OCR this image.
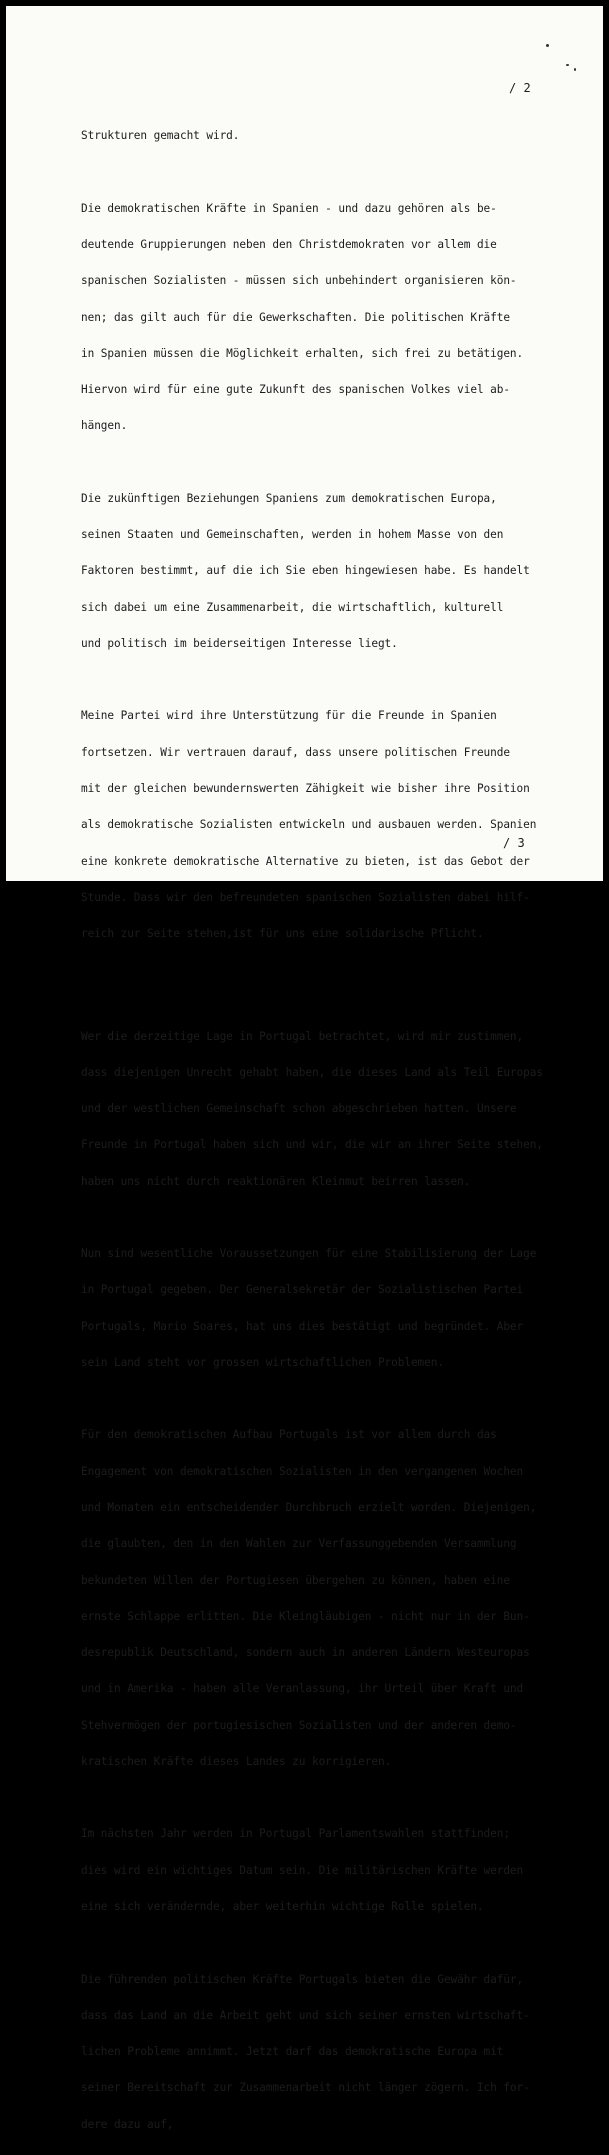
/ 2

Strukturen gemacht wird.

Die demokratischen Kräfte in Spanien - und dazu gehören als be-

deutende Gruppierungen neben den Christdemokraten vor allem die

spanischen Sozialisten - müssen sich unbehindert organisieren kön-

nen; das gilt auch für die Gewerkschaften. Die politischen Kräfte

in Spanien müssen die Möglichkeit erhalten, sich frei zu betätigen.

Hiervon wird für eine gute Zukunft des spanischen Volkes viel ab-

hängen.

Die zukünftigen Beziehungen Spaniens zum demokratischen Europa,

seinen Staaten und Gemeinschaften, werden in hohem Masse von den

Faktoren bestimmt, auf die ich Sie eben hingewiesen habe. Es handelt

sich dabei um eine Zusammenarbeit, die wirtschaftlich, kulturell

und politisch im beiderseitigen Interesse liegt.

Meine Partei wird ihre Unterstützung für die Freunde in Spanien

fortsetzen. Wir vertrauen darauf, dass unsere politischen Freunde

mit der gleichen bewundernswerten Zähigkeit wie bisher ihre Position

als demokratische Sozialisten entwickeln und ausbauen werden. Spanien

eine konkrete demokratische Alternative zu bieten, ist das Gebot der

Stunde. Dass wir den befreundeten spanischen Sozialisten dabei hilf-

reich zur Seite stehen,ist für uns eine solidarische Pflicht.

Wer die derzeitige Lage in Portugal betrachtet, wird mir zustimmen,

dass diejenigen Unrecht gehabt haben, die dieses Land als Teil Europas

und der westlichen Gemeinschaft schon abgeschrieben hatten. Unsere

Freunde in Portugal haben sich und wir, die wir an ihrer Seite stehen,

haben uns nicht durch reaktionären Kleinmut beirren lassen.

Nun sind wesentliche Voraussetzungen für eine Stabilisierung der Lage

in Portugal gegeben. Der Generalsekretär der Sozialistischen Partei

Portugals, Mario Soares, hat uns dies bestätigt und begründet. Aber

sein Land steht vor grossen wirtschaftlichen Problemen.

Für den demokratischen Aufbau Portugals ist vor allem durch das

Engagement von demokratischen Sozialisten in den vergangenen Wochen

und Monaten ein entscheidender Durchbruch erzielt worden. Diejenigen,

die glaubten, den in den Wahlen zur Verfassunggebenden Versammlung

bekundeten Willen der Portugiesen übergehen zu können, haben eine

ernste Schlappe erlitten. Die Kleingläubigen - nicht nur in der Bun-

desrepublik Deutschland, sondern auch in anderen Ländern Westeuropas

und in Amerika - haben alle Veranlassung, ihr Urteil über Kraft und

Stehvermögen der portugiesischen Sozialisten und der anderen demo-

kratischen Kräfte dieses Landes zu korrigieren.

Im nächsten Jahr werden in Portugal Parlamentswahlen stattfinden;

dies wird ein wichtiges Datum sein. Die militärischen Kräfte werden

eine sich verändernde, aber weiterhin wichtige Rolle spielen.

Die führenden politischen Kräfte Portugals bieten die Gewähr dafür,

dass das Land an die Arbeit geht und sich seiner ernsten wirtschaft-

lichen Probleme annimmt. Jetzt darf das demokratische Europa mit

seiner Bereitschaft zur Zusammenarbeit nicht länger zögern. Ich for-

dere dazu auf,

/ 3
